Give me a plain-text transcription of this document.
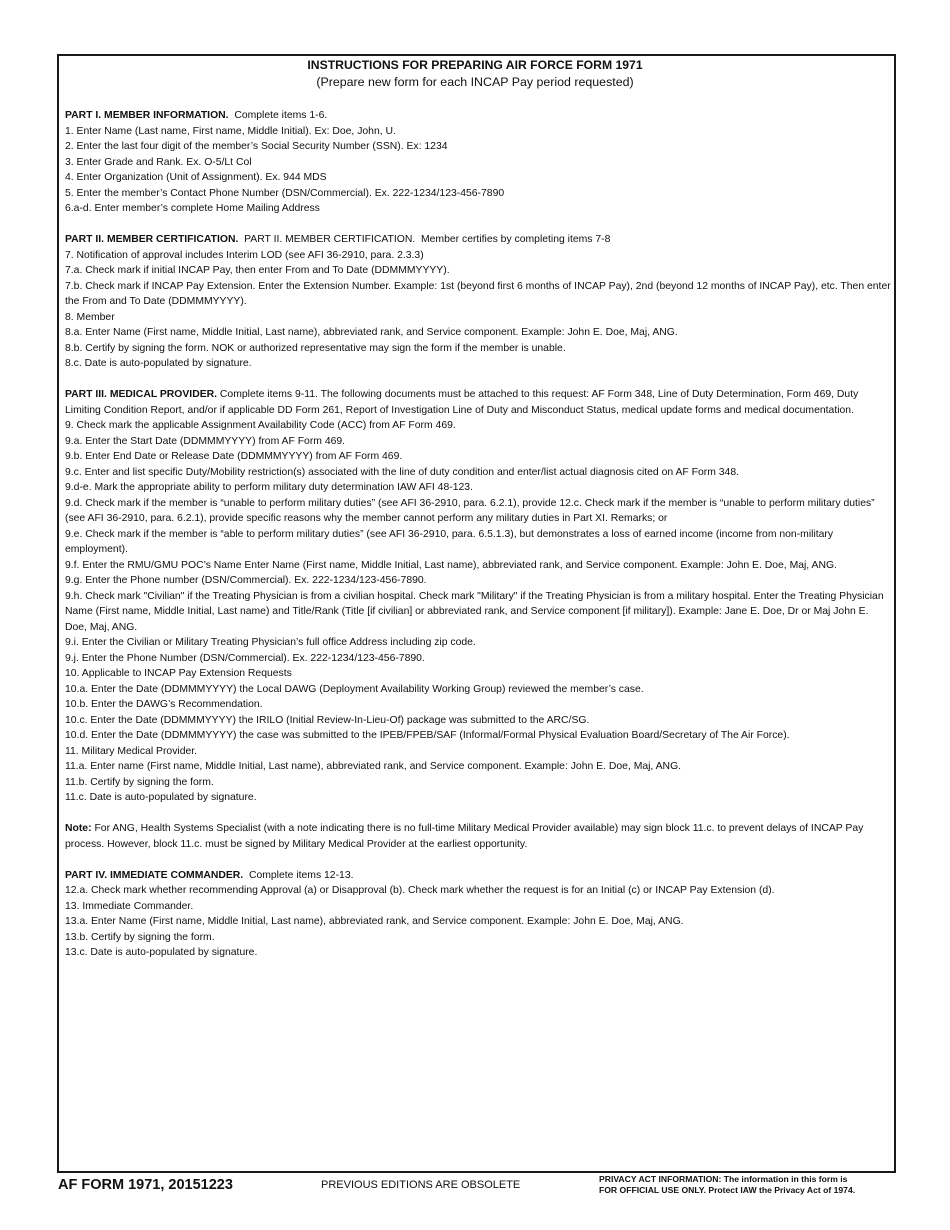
INSTRUCTIONS FOR PREPARING AIR FORCE FORM 1971
(Prepare new form for each INCAP Pay period requested)
PART I. MEMBER INFORMATION.  Complete items 1-6.
1. Enter Name (Last name, First name, Middle Initial). Ex: Doe, John, U.
2. Enter the last four digit of the member’s Social Security Number (SSN). Ex: 1234
3. Enter Grade and Rank. Ex. O-5/Lt Col
4. Enter Organization (Unit of Assignment). Ex. 944 MDS
5. Enter the member’s Contact Phone Number (DSN/Commercial). Ex. 222-1234/123-456-7890
6.a-d. Enter member’s complete Home Mailing Address
PART II. MEMBER CERTIFICATION.  PART II. MEMBER CERTIFICATION.  Member certifies by completing items 7-8
7. Notification of approval includes Interim LOD (see AFI 36-2910, para. 2.3.3)
7.a. Check mark if initial INCAP Pay, then enter From and To Date (DDMMMYYYY).
7.b. Check mark if INCAP Pay Extension. Enter the Extension Number. Example: 1st (beyond first 6 months of INCAP Pay), 2nd (beyond 12 months of INCAP Pay), etc. Then enter the From and To Date (DDMMMYYYY).
8. Member
8.a. Enter Name (First name, Middle Initial, Last name), abbreviated rank, and Service component. Example: John E. Doe, Maj, ANG.
8.b. Certify by signing the form. NOK or authorized representative may sign the form if the member is unable.
8.c. Date is auto-populated by signature.
PART III. MEDICAL PROVIDER. Complete items 9-11. The following documents must be attached to this request: AF Form 348, Line of Duty Determination, Form 469, Duty Limiting Condition Report, and/or if applicable DD Form 261, Report of Investigation Line of Duty and Misconduct Status, medical update forms and medical documentation.
9. Check mark the applicable Assignment Availability Code (ACC) from AF Form 469.
9.a. Enter the Start Date (DDMMMYYYY) from AF Form 469.
9.b. Enter End Date or Release Date (DDMMMYYYY) from AF Form 469.
9.c. Enter and list specific Duty/Mobility restriction(s) associated with the line of duty condition and enter/list actual diagnosis cited on AF Form 348.
9.d-e. Mark the appropriate ability to perform military duty determination IAW AFI 48-123.
9.d. Check mark if the member is “unable to perform military duties” (see AFI 36-2910, para. 6.2.1), provide 12.c. Check mark if the member is “unable to perform military duties” (see AFI 36-2910, para. 6.2.1), provide specific reasons why the member cannot perform any military duties in Part XI. Remarks; or
9.e. Check mark if the member is “able to perform military duties” (see AFI 36-2910, para. 6.5.1.3), but demonstrates a loss of earned income (income from non-military employment).
9.f. Enter the RMU/GMU POC’s Name Enter Name (First name, Middle Initial, Last name), abbreviated rank, and Service component. Example: John E. Doe, Maj, ANG.
9.g. Enter the Phone number (DSN/Commercial). Ex. 222-1234/123-456-7890.
9.h. Check mark "Civilian" if the Treating Physician is from a civilian hospital. Check mark "Military" if the Treating Physician is from a military hospital. Enter the Treating Physician Name (First name, Middle Initial, Last name) and Title/Rank (Title [if civilian] or abbreviated rank, and Service component [if military]). Example: Jane E. Doe, Dr or Maj John E. Doe, Maj, ANG.
9.i. Enter the Civilian or Military Treating Physician’s full office Address including zip code.
9.j. Enter the Phone Number (DSN/Commercial). Ex. 222-1234/123-456-7890.
10. Applicable to INCAP Pay Extension Requests
10.a. Enter the Date (DDMMMYYYY) the Local DAWG (Deployment Availability Working Group) reviewed the member’s case.
10.b. Enter the DAWG’s Recommendation.
10.c. Enter the Date (DDMMMYYYY) the IRILO (Initial Review-In-Lieu-Of) package was submitted to the ARC/SG.
10.d. Enter the Date (DDMMMYYYY) the case was submitted to the IPEB/FPEB/SAF (Informal/Formal Physical Evaluation Board/Secretary of The Air Force).
11. Military Medical Provider.
11.a. Enter name (First name, Middle Initial, Last name), abbreviated rank, and Service component. Example: John E. Doe, Maj, ANG.
11.b. Certify by signing the form.
11.c. Date is auto-populated by signature.
Note: For ANG, Health Systems Specialist (with a note indicating there is no full-time Military Medical Provider available) may sign block 11.c. to prevent delays of INCAP Pay process. However, block 11.c. must be signed by Military Medical Provider at the earliest opportunity.
PART IV. IMMEDIATE COMMANDER.  Complete items 12-13.
12.a. Check mark whether recommending Approval (a) or Disapproval (b). Check mark whether the request is for an Initial (c) or INCAP Pay Extension (d).
13. Immediate Commander.
13.a. Enter Name (First name, Middle Initial, Last name), abbreviated rank, and Service component. Example: John E. Doe, Maj, ANG.
13.b. Certify by signing the form.
13.c. Date is auto-populated by signature.
AF FORM 1971, 20151223	PREVIOUS EDITIONS ARE OBSOLETE	PRIVACY ACT INFORMATION: The information in this form is
FOR OFFICIAL USE ONLY. Protect IAW the Privacy Act of 1974.
